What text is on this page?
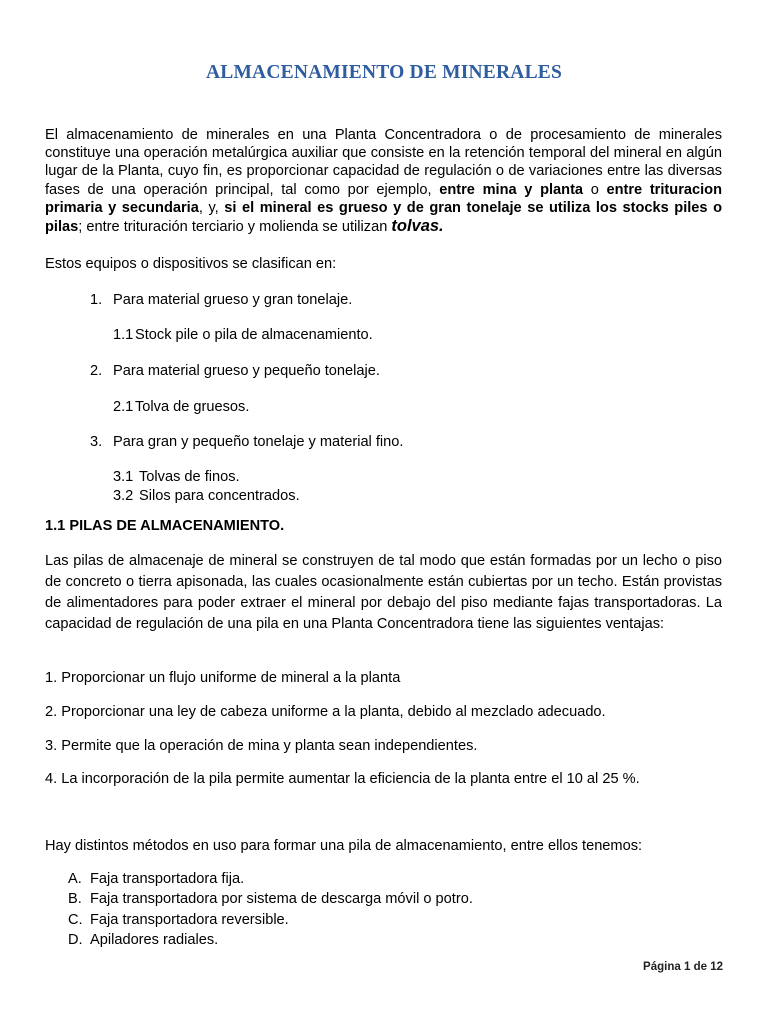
ALMACENAMIENTO DE MINERALES
El almacenamiento de minerales en una Planta Concentradora o de procesamiento de minerales constituye una operación metalúrgica auxiliar que consiste en la retención temporal del mineral en algún lugar de la Planta, cuyo fin, es proporcionar capacidad de regulación o de variaciones entre las diversas fases de una operación principal, tal como por ejemplo, entre mina y planta o entre trituracion primaria y secundaria, y, si el mineral es grueso y de gran tonelaje se utiliza los stocks piles o pilas; entre trituración terciario y molienda se utilizan tolvas.
Estos equipos o dispositivos se clasifican en:
1. Para material grueso y gran tonelaje.
1.1 Stock pile o pila de almacenamiento.
2. Para material grueso y pequeño tonelaje.
2.1 Tolva de gruesos.
3. Para gran y pequeño tonelaje y material fino.
3.1 Tolvas de finos.
3.2 Silos para concentrados.
1.1 PILAS DE ALMACENAMIENTO.
Las pilas de almacenaje de mineral se construyen de tal modo que están formadas por un lecho o piso de concreto o tierra apisonada, las cuales ocasionalmente están cubiertas por un techo. Están provistas de alimentadores para poder extraer el mineral por debajo del piso mediante fajas transportadoras. La capacidad de regulación de una pila en una Planta Concentradora tiene las siguientes ventajas:
1. Proporcionar un flujo uniforme de mineral a la planta
2. Proporcionar una ley de cabeza uniforme a la planta, debido al mezclado adecuado.
3. Permite que la operación de mina y planta sean independientes.
4. La incorporación de la pila permite aumentar la eficiencia de la planta entre el 10 al 25 %.
Hay distintos métodos en uso para formar una pila de almacenamiento, entre ellos tenemos:
A. Faja transportadora fija.
B. Faja transportadora por sistema de descarga móvil o potro.
C. Faja transportadora reversible.
D. Apiladores radiales.
Página 1 de 12
